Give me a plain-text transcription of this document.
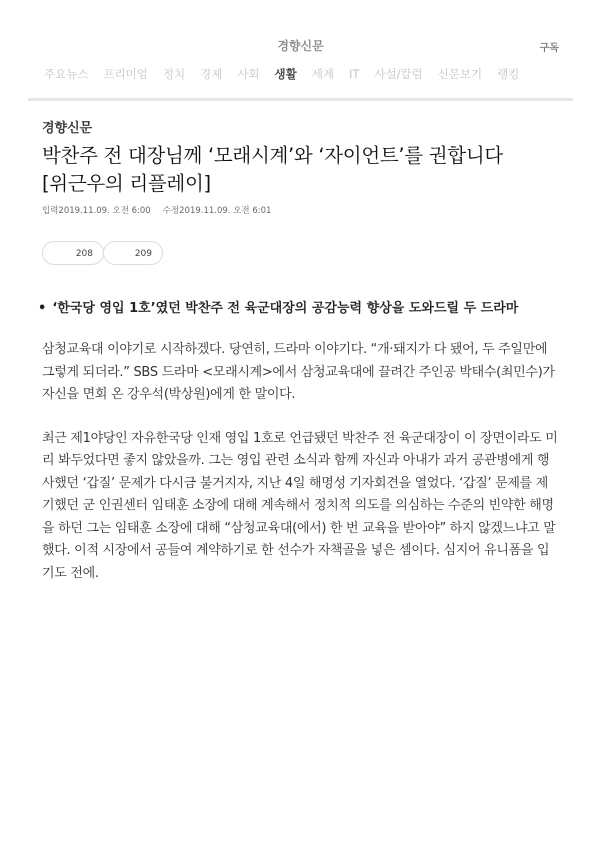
경향신문	구독
주요뉴스 프리미엄 정치 경제 사회 생활 세계 IT 사설/칼럼 신문보기 랭킹
경향신문
박찬주 전 대장님께 ‘모래시계’와 ‘자이언트’를 권합니다
[위근우의 리플레이]
입력2019.11.09. 오전 6:00 수정2019.11.09. 오전 6:01
208	209
• ‘한국당 영입 1호’였던 박찬주 전 육군대장의 공감능력 향상을 도와드릴 두 드라마
삼청교육대 이야기로 시작하겠다. 당연히, 드라마 이야기다. “개·돼지가 다 됐어, 두 주일만에 그렇게 되더라.” SBS 드라마 <모래시계>에서 삼청교육대에 끌려간 주인공 박태수(최민수)가 자신을 면회 온 강우석(박상원)에게 한 말이다.
최근 제1야당인 자유한국당 인재 영입 1호로 언급됐던 박찬주 전 육군대장이 이 장면이라도 미리 봐두었다면 좋지 않았을까. 그는 영입 관련 소식과 함께 자신과 아내가 과거 공관병에게 행사했던 ‘갑질’ 문제가 다시금 불거지자, 지난 4일 해명성 기자회견을 열었다. ‘갑질’ 문제를 제기했던 군 인권센터 임태훈 소장에 대해 계속해서 정치적 의도를 의심하는 수준의 빈약한 해명을 하던 그는 임태훈 소장에 대해 “삼청교육대(에서) 한 번 교육을 받아야” 하지 않겠느냐고 말했다. 이적 시장에서 공들여 계약하기로 한 선수가 자책골을 넣은 셈이다. 심지어 유니폼을 입기도 전에.
